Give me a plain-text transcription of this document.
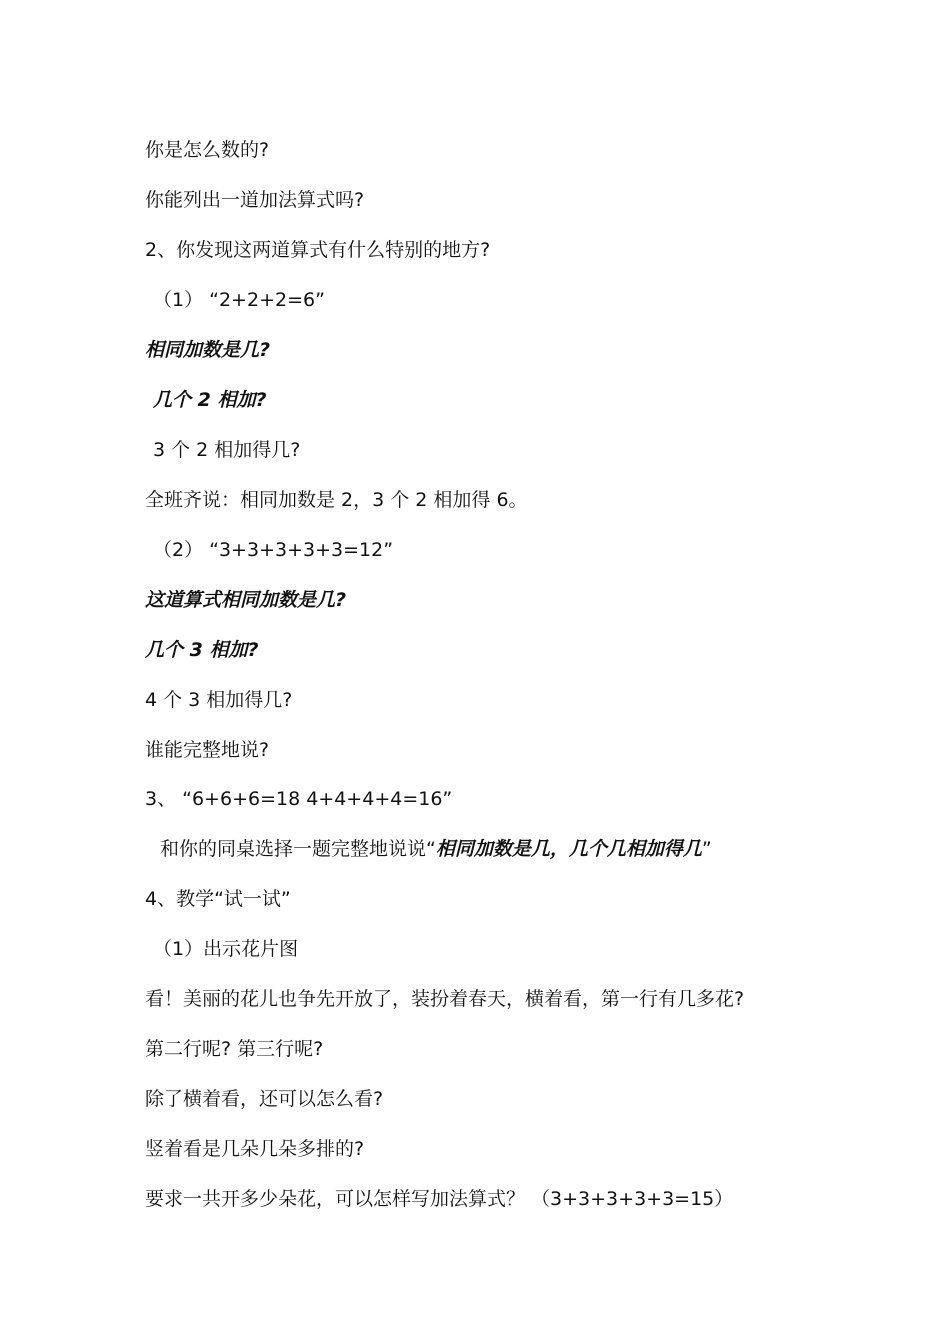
你是怎么数的?
你能列出一道加法算式吗?
2、你发现这两道算式有什么特别的地方?
（1） “2+2+2=6”
相同加数是几?
几个 2 相加?
3 个 2 相加得几?
全班齐说：相同加数是 2，3 个 2 相加得 6。
（2） “3+3+3+3+3=12”
这道算式相同加数是几?
几个 3 相加?
4 个 3 相加得几?
谁能完整地说?
3、 “6+6+6=18 4+4+4+4=16”
和你的同桌选择一题完整地说说“相同加数是几，几个几相加得几”
4、教学“试一试”
（1）出示花片图
看！美丽的花儿也争先开放了，装扮着春天，横着看，第一行有几多花?
第二行呢? 第三行呢?
除了横着看，还可以怎么看?
竖着看是几朵几朵多排的?
要求一共开多少朵花，可以怎样写加法算式？ （3+3+3+3+3=15）
